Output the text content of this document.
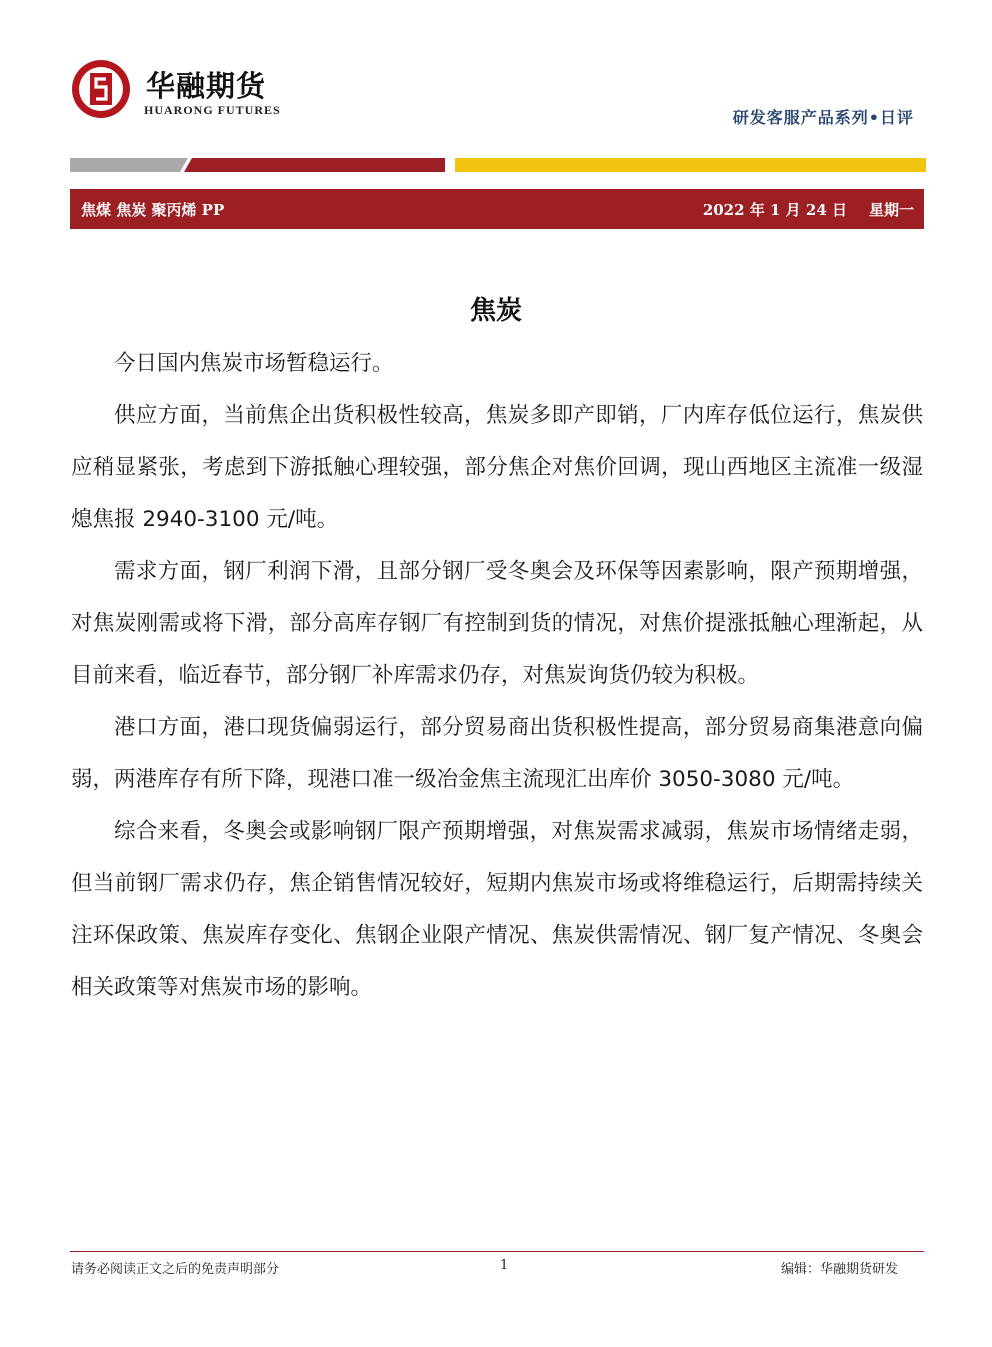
华融期货
HUARONG FUTURES	研发客服产品系列•日评
焦煤 焦炭 聚丙烯 PP	2022 年 1 月 24 日 星期一
焦炭

今日国内焦炭市场暂稳运行。

供应方面，当前焦企出货积极性较高，焦炭多即产即销，厂内库存低位运行，焦炭供应稍显紧张，考虑到下游抵触心理较强，部分焦企对焦价回调，现山西地区主流准一级湿熄焦报 2940-3100 元/吨。

需求方面，钢厂利润下滑，且部分钢厂受冬奥会及环保等因素影响，限产预期增强，对焦炭刚需或将下滑，部分高库存钢厂有控制到货的情况，对焦价提涨抵触心理渐起，从目前来看，临近春节，部分钢厂补库需求仍存，对焦炭询货仍较为积极。

港口方面，港口现货偏弱运行，部分贸易商出货积极性提高，部分贸易商集港意向偏弱，两港库存有所下降，现港口准一级冶金焦主流现汇出库价 3050-3080 元/吨。

综合来看，冬奥会或影响钢厂限产预期增强，对焦炭需求减弱，焦炭市场情绪走弱，但当前钢厂需求仍存，焦企销售情况较好，短期内焦炭市场或将维稳运行，后期需持续关注环保政策、焦炭库存变化、焦钢企业限产情况、焦炭供需情况、钢厂复产情况、冬奥会相关政策等对焦炭市场的影响。

请务必阅读正文之后的免责声明部分	1	编辑：华融期货研发
